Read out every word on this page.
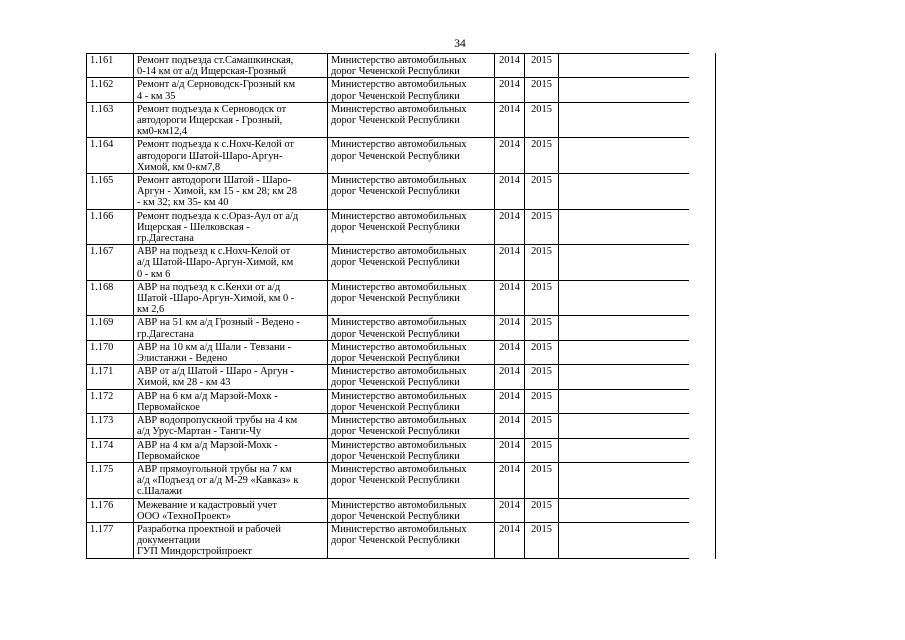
34
1.161	Ремонт подъезда ст.Самашкинская,
0-14 км от а/д Ищерская-Грозный	Министерство автомобильных
дорог Чеченской Республики	2014	2015	
1.162	Ремонт а/д Серноводск-Грозный км
4 - км 35	Министерство автомобильных
дорог Чеченской Республики	2014	2015	
1.163	Ремонт подъезда к Серноводск от
автодороги Ищерская - Грозный,
км0-км12,4	Министерство автомобильных
дорог Чеченской Республики	2014	2015	
1.164	Ремонт подъезда к с.Нохч-Келой от
автодороги Шатой-Шаро-Аргун-
Химой, км 0-км7,8	Министерство автомобильных
дорог Чеченской Республики	2014	2015	
1.165	Ремонт автодороги Шатой - Шаро-
Аргун - Химой, км 15 - км 28; км 28
- км 32; км 35- км 40	Министерство автомобильных
дорог Чеченской Республики	2014	2015	
1.166	Ремонт подъезда к с.Ораз-Аул от а/д
Ищерская - Шелковская -
гр.Дагестана	Министерство автомобильных
дорог Чеченской Республики	2014	2015	
1.167	АВР на подъезд к с.Нохч-Келой от
а/д Шатой-Шаро-Аргун-Химой, км
0 - км 6	Министерство автомобильных
дорог Чеченской Республики	2014	2015	
1.168	АВР на подъезд к с.Кенхи от а/д
Шатой -Шаро-Аргун-Химой, км 0 -
км 2,6	Министерство автомобильных
дорог Чеченской Республики	2014	2015	
1.169	АВР на 51 км а/д Грозный - Ведено -
гр.Дагестана	Министерство автомобильных
дорог Чеченской Республики	2014	2015	
1.170	АВР на 10 км а/д Шали - Тевзани -
Элистанжи - Ведено	Министерство автомобильных
дорог Чеченской Республики	2014	2015	
1.171	АВР от а/д Шатой - Шаро - Аргун -
Химой, км 28 - км 43	Министерство автомобильных
дорог Чеченской Республики	2014	2015	
1.172	АВР на 6 км а/д Марзой-Мохк -
Первомайское	Министерство автомобильных
дорог Чеченской Республики	2014	2015	
1.173	АВР водопропускной трубы на 4 км
а/д Урус-Мартан - Танги-Чу	Министерство автомобильных
дорог Чеченской Республики	2014	2015	
1.174	АВР на 4 км а/д Марзой-Мохк -
Первомайское	Министерство автомобильных
дорог Чеченской Республики	2014	2015	
1.175	АВР прямоугольной трубы на 7 км
а/д «Подъезд от а/д М-29 «Кавказ» к
с.Шалажи	Министерство автомобильных
дорог Чеченской Республики	2014	2015	
1.176	Межевание и кадастровый учет
ООО «ТехноПроект»	Министерство автомобильных
дорог Чеченской Республики	2014	2015	
1.177	Разработка проектной и рабочей
документации
ГУП Миндорстройпроект	Министерство автомобильных
дорог Чеченской Республики	2014	2015	
